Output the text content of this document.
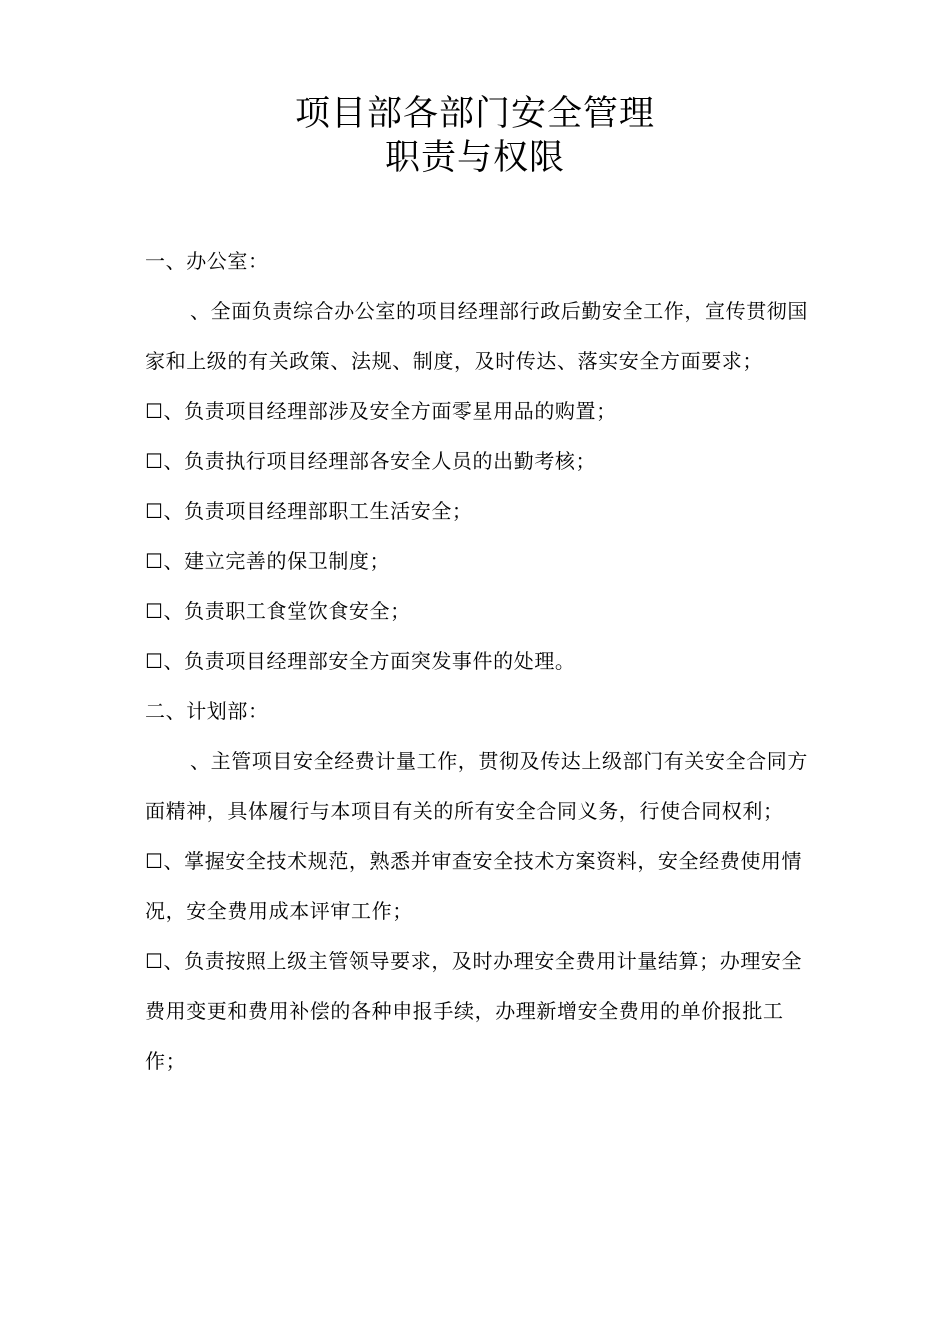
项目部各部门安全管理
职责与权限

一、办公室：

、全面负责综合办公室的项目经理部行政后勤安全工作，宣传贯彻国家和上级的有关政策、法规、制度，及时传达、落实安全方面要求；

☐、负责项目经理部涉及安全方面零星用品的购置；

☐、负责执行项目经理部各安全人员的出勤考核；

☐、负责项目经理部职工生活安全；

☐、建立完善的保卫制度；

☐、负责职工食堂饮食安全；

☐、负责项目经理部安全方面突发事件的处理。

二、计划部：

、主管项目安全经费计量工作，贯彻及传达上级部门有关安全合同方面精神，具体履行与本项目有关的所有安全合同义务，行使合同权利；

☐、掌握安全技术规范，熟悉并审查安全技术方案资料，安全经费使用情况，安全费用成本评审工作；

☐、负责按照上级主管领导要求，及时办理安全费用计量结算；办理安全费用变更和费用补偿的各种申报手续，办理新增安全费用的单价报批工作；
